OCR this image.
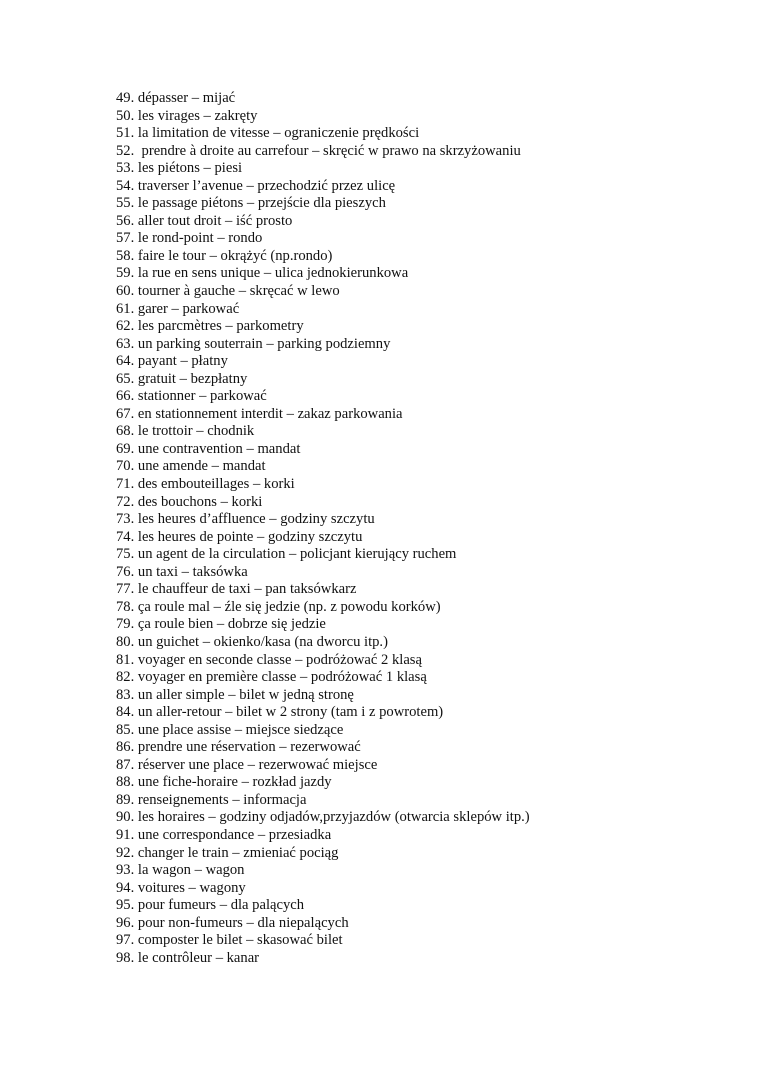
49. dépasser – mijać
50. les virages – zakręty
51. la limitation de vitesse – ograniczenie prędkości
52.  prendre à droite au carrefour – skręcić w prawo na skrzyżowaniu
53. les piétons – piesi
54. traverser l’avenue – przechodzić przez ulicę
55. le passage piétons – przejście dla pieszych
56. aller tout droit – iść prosto
57. le rond-point – rondo
58. faire le tour – okrążyć (np.rondo)
59. la rue en sens unique – ulica jednokierunkowa
60. tourner à gauche – skręcać w lewo
61. garer – parkować
62. les parcmètres – parkometry
63. un parking souterrain – parking podziemny
64. payant – płatny
65. gratuit – bezpłatny
66. stationner – parkować
67. en stationnement interdit – zakaz parkowania
68. le trottoir – chodnik
69. une contravention – mandat
70. une amende – mandat
71. des embouteillages – korki
72. des bouchons – korki
73. les heures d’affluence – godziny szczytu
74. les heures de pointe – godziny szczytu
75. un agent de la circulation – policjant kierujący ruchem
76. un taxi – taksówka
77. le chauffeur de taxi – pan taksówkarz
78. ça roule mal – źle się jedzie (np. z powodu korków)
79. ça roule bien – dobrze się jedzie
80. un guichet – okienko/kasa (na dworcu itp.)
81. voyager en seconde classe – podróżować 2 klasą
82. voyager en première classe – podróżować 1 klasą
83. un aller simple – bilet w jedną stronę
84. un aller-retour – bilet w 2 strony (tam i z powrotem)
85. une place assise – miejsce siedzące
86. prendre une réservation – rezerwować
87. réserver une place – rezerwować miejsce
88. une fiche-horaire – rozkład jazdy
89. renseignements – informacja
90. les horaires – godziny odjadów,przyjazdów (otwarcia sklepów itp.)
91. une correspondance – przesiadka
92. changer le train – zmieniać pociąg
93. la wagon – wagon
94. voitures – wagony
95. pour fumeurs – dla palących
96. pour non-fumeurs – dla niepalących
97. composter le bilet – skasować bilet
98. le contrôleur – kanar
